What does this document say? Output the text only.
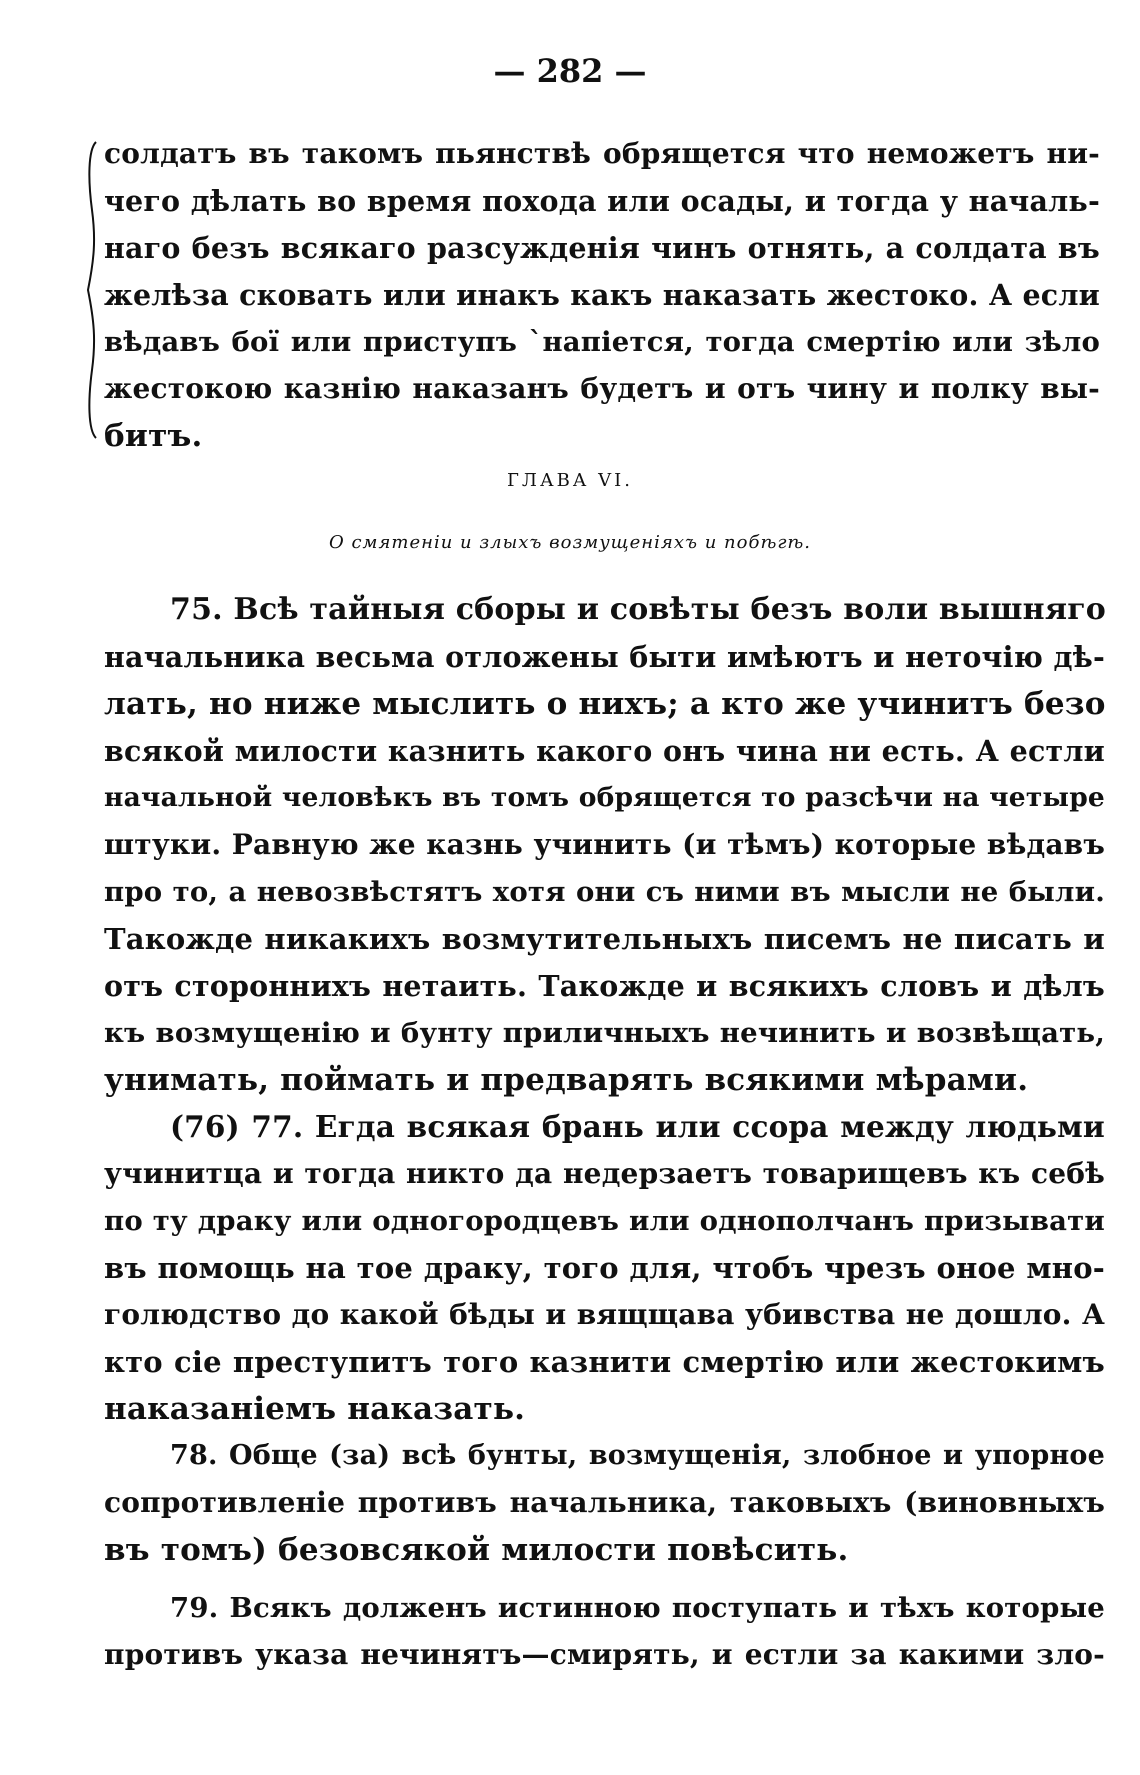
— 282 —
солдатъ въ такомъ пьянствѣ обрящется что неможетъ ни-
чего дѣлать во время похода или осады, и тогда у началь-
наго безъ всякаго разсужденія чинъ отнять, а солдата въ
желѣза сковать или инакъ какъ наказать жестоко. А если
вѣдавъ бої или приступъ `напіется, тогда смертію или зѣло
жестокою казнію наказанъ будетъ и отъ чину и полку вы-
битъ.
ГЛАВА VI.
О смятеніи и злыхъ возмущеніяхъ и побѣгѣ.
75. Всѣ тайныя сборы и совѣты безъ воли вышняго
начальника весьма отложены быти имѣютъ и неточію дѣ-
лать, но ниже мыслить о нихъ; а кто же учинитъ безо
всякой милости казнить какого онъ чина ни есть. А естли
начальной человѣкъ въ томъ обрящется то разсѣчи на четыре
штуки. Равную же казнь учинить (и тѣмъ) которые вѣдавъ
про то, а невозвѣстятъ хотя они съ ними въ мысли не были.
Такожде никакихъ возмутительныхъ писемъ не писать и
отъ стороннихъ нетаить. Такожде и всякихъ словъ и дѣлъ
къ возмущенію и бунту приличныхъ нечинить и возвѣщать,
унимать, поймать и предварять всякими мѣрами.
(76) 77. Егда всякая брань или ссора между людьми
учинитца и тогда никто да недерзаетъ товарищевъ къ себѣ
по ту драку или одногородцевъ или однополчанъ призывати
въ помощь на тое драку, того для, чтобъ чрезъ оное мно-
голюдство до какой бѣды и вящщава убивства не дошло. А
кто сіе преступитъ того казнити смертію или жестокимъ
наказаніемъ наказать.
78. Обще (за) всѣ бунты, возмущенія, злобное и упорное
сопротивленіе противъ начальника, таковыхъ (виновныхъ
въ томъ) безовсякой милости повѣсить.
79. Всякъ долженъ истинною поступать и тѣхъ которые
противъ указа нечинятъ—смирять, и естли за какими зло-
